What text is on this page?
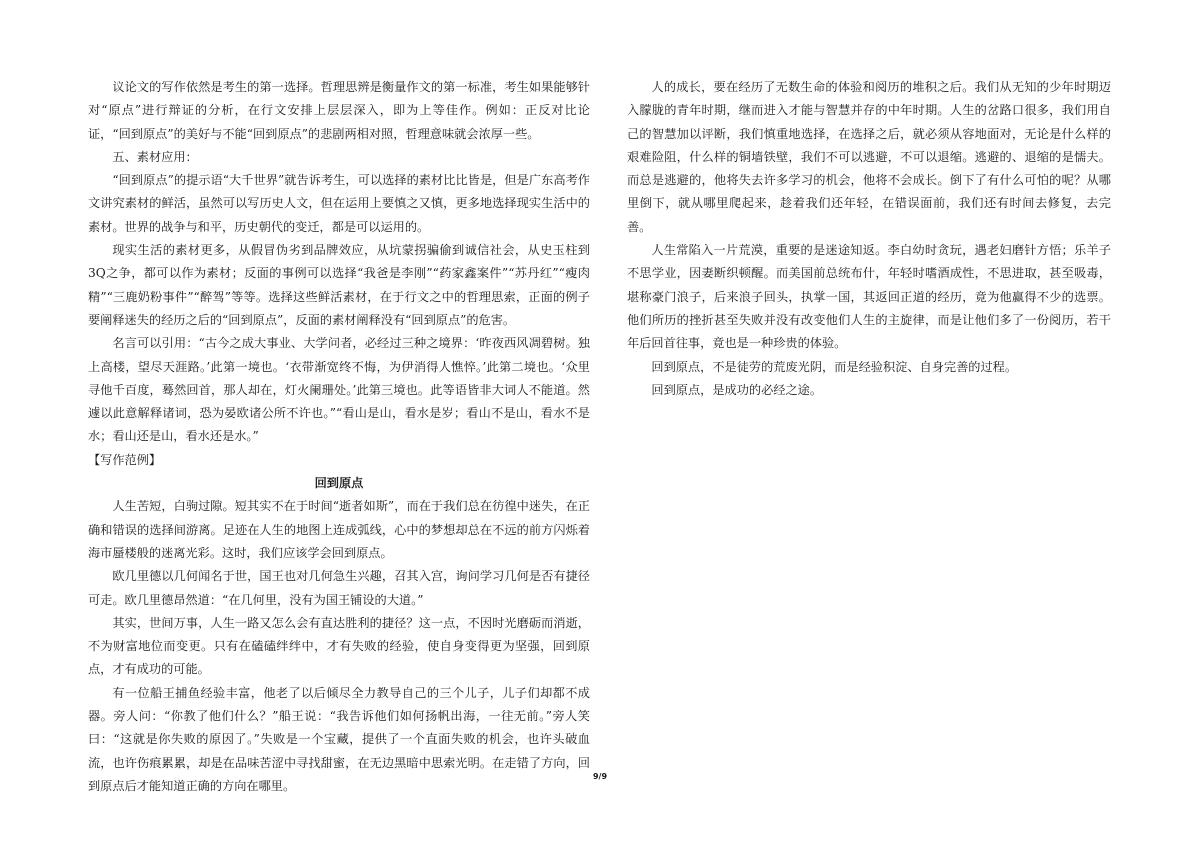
议论文的写作依然是考生的第一选择。哲理思辨是衡量作文的第一标准，考生如果能够针对“原点”进行辩证的分析，在行文安排上层层深入，即为上等佳作。例如：正反对比论证，“回到原点”的美好与不能“回到原点”的悲剧两相对照，哲理意味就会浓厚一些。

五、素材应用：

“回到原点”的提示语“大千世界”就告诉考生，可以选择的素材比比皆是，但是广东高考作文讲究素材的鲜活，虽然可以写历史人文，但在运用上要慎之又慎，更多地选择现实生活中的素材。世界的战争与和平，历史朝代的变迁，都是可以运用的。

现实生活的素材更多，从假冒伪劣到品牌效应，从坑蒙拐骗偷到诚信社会，从史玉柱到3Q之争，都可以作为素材；反面的事例可以选择“我爸是李刚”“药家鑫案件”“苏丹红”“瘦肉精”“三鹿奶粉事件”“醉驾”等等。选择这些鲜活素材，在于行文之中的哲理思索，正面的例子要阐释迷失的经历之后的“回到原点”，反面的素材阐释没有“回到原点”的危害。

名言可以引用：“古今之成大事业、大学问者，必经过三种之境界：‘昨夜西风凋碧树。独上高楼，望尽天涯路。’此第一境也。‘衣带渐宽终不悔，为伊消得人憔悴。’此第二境也。‘众里寻他千百度，蓦然回首，那人却在，灯火阑珊处。’此第三境也。此等语皆非大词人不能道。然遽以此意解释诸词，恐为晏欧诸公所不许也。”“看山是山，看水是岁；看山不是山，看水不是水；看山还是山，看水还是水。”

【写作范例】

回到原点

人生苦短，白驹过隙。短其实不在于时间“逝者如斯”，而在于我们总在彷徨中迷失，在正确和错误的选择间游离。足迹在人生的地图上连成弧线，心中的梦想却总在不远的前方闪烁着海市蜃楼般的迷离光彩。这时，我们应该学会回到原点。

欧几里德以几何闻名于世，国王也对几何急生兴趣，召其入宫，询问学习几何是否有捷径可走。欧几里德昂然道：“在几何里，没有为国王铺设的大道。”

其实，世间万事，人生一路又怎么会有直达胜利的捷径？这一点，不因时光磨砺而消逝，不为财富地位而变更。只有在磕磕绊绊中，才有失败的经验，使自身变得更为坚强，回到原点，才有成功的可能。

有一位船王捕鱼经验丰富，他老了以后倾尽全力教导自己的三个儿子，儿子们却都不成器。旁人问：“你教了他们什么？”船王说：“我告诉他们如何扬帆出海，一往无前。”旁人笑曰：“这就是你失败的原因了。”失败是一个宝藏，提供了一个直面失败的机会，也许头破血流，也许伤痕累累，却是在品味苦涩中寻找甜蜜，在无边黑暗中思索光明。在走错了方向，回到原点后才能知道正确的方向在哪里。

人的成长，要在经历了无数生命的体验和阅历的堆积之后。我们从无知的少年时期迈入朦胧的青年时期，继而进入才能与智慧并存的中年时期。人生的岔路口很多，我们用自己的智慧加以评断，我们慎重地选择，在选择之后，就必须从容地面对，无论是什么样的艰难险阻，什么样的铜墙铁壁，我们不可以逃避，不可以退缩。逃避的、退缩的是懦夫。而总是逃避的，他将失去许多学习的机会，他将不会成长。倒下了有什么可怕的呢？从哪里倒下，就从哪里爬起来，趁着我们还年轻，在错误面前，我们还有时间去修复，去完善。

人生常陷入一片荒漠，重要的是迷途知返。李白幼时贪玩，遇老妇磨针方悟；乐羊子不思学业，因妻断织顿醒。而美国前总统布什，年轻时嗜酒成性，不思进取，甚至吸毒，堪称豪门浪子，后来浪子回头，执掌一国，其返回正道的经历，竟为他赢得不少的选票。他们所历的挫折甚至失败并没有改变他们人生的主旋律，而是让他们多了一份阅历，若干年后回首往事，竟也是一种珍贵的体验。

回到原点，不是徒劳的荒废光阴，而是经验积淀、自身完善的过程。

回到原点，是成功的必经之途。

9/9
